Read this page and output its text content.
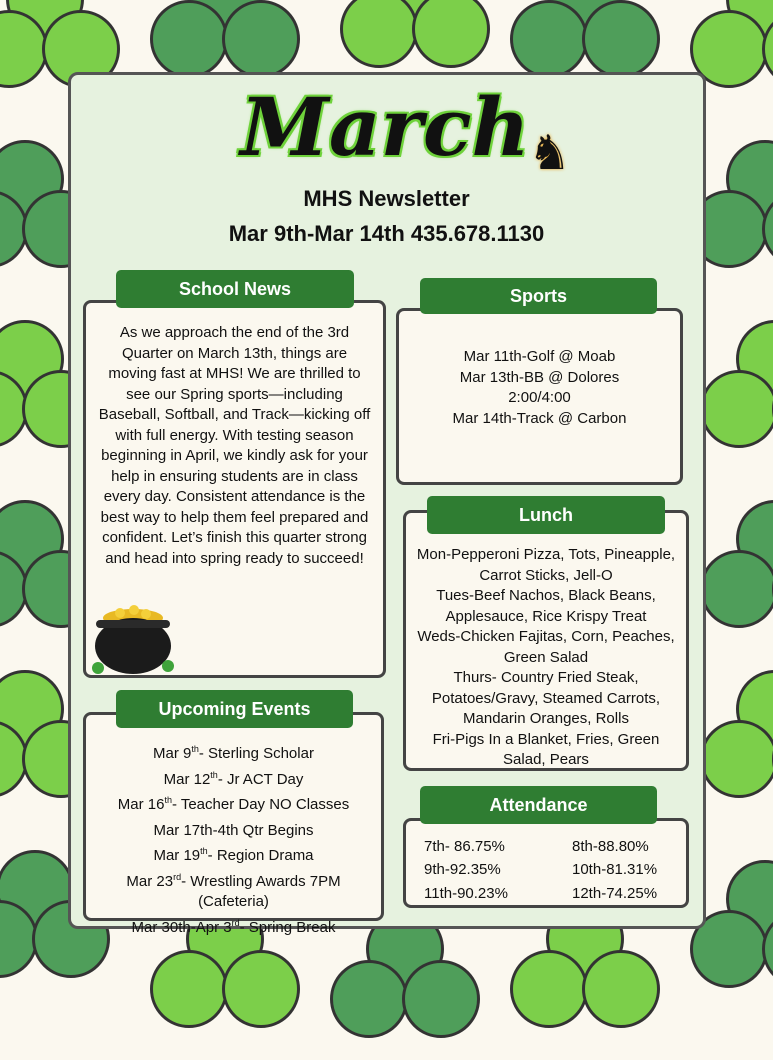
March
♞
MHS Newsletter
Mar 9th-Mar 14th 435.678.1130
School News
As we approach the end of the 3rd Quarter on March 13th, things are moving fast at MHS! We are thrilled to see our Spring sports—including Baseball, Softball, and Track—kicking off with full energy. With testing season beginning in April, we kindly ask for your help in ensuring students are in class every day. Consistent attendance is the best way to help them feel prepared and confident. Let’s finish this quarter strong and head into spring ready to succeed!
Sports
Mar 11th-Golf @ Moab
Mar 13th-BB @ Dolores
2:00/4:00
Mar 14th-Track @ Carbon
Lunch
Mon-Pepperoni Pizza, Tots, Pineapple, Carrot Sticks, Jell-O
Tues-Beef Nachos, Black Beans, Applesauce, Rice Krispy Treat
Weds-Chicken Fajitas, Corn, Peaches, Green Salad
Thurs- Country Fried Steak, Potatoes/Gravy, Steamed Carrots, Mandarin Oranges, Rolls
Fri-Pigs In a Blanket, Fries, Green Salad, Pears
Upcoming Events
Mar 9th- Sterling Scholar
Mar 12th- Jr ACT Day
Mar 16th- Teacher Day NO Classes
Mar 17th-4th Qtr Begins
Mar 19th- Region Drama
Mar 23rd- Wrestling Awards 7PM (Cafeteria)
Mar 30th-Apr 3rd- Spring Break
Attendance
7th- 86.75%	8th-88.80%
9th-92.35%	10th-81.31%
11th-90.23%	12th-74.25%
